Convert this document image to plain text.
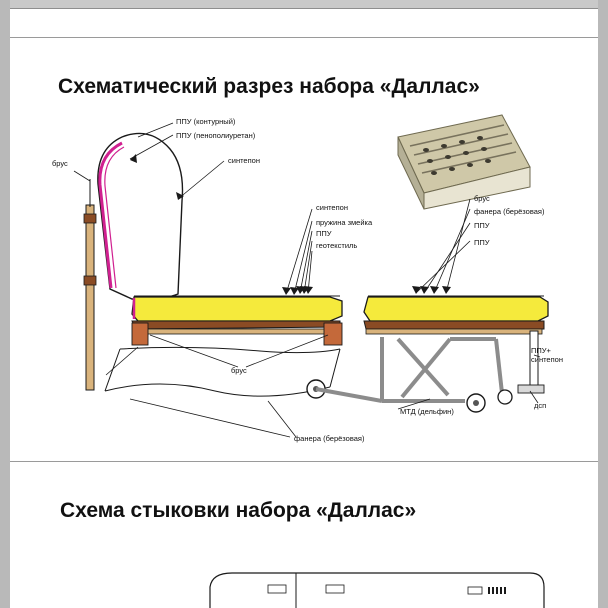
Схематический разрез набора «Даллас»
Схема стыковки набора «Даллас»
ППУ (контурный)
ППУ (пенополиуретан)
синтепон
брус
синтепон
пружина змейка
ППУ
геотекстиль
брус
фанера (берёзовая)
ППУ
ППУ
брус
фанера (берёзовая)
МТД (дельфин)
дсп
ППУ+
синтепон
